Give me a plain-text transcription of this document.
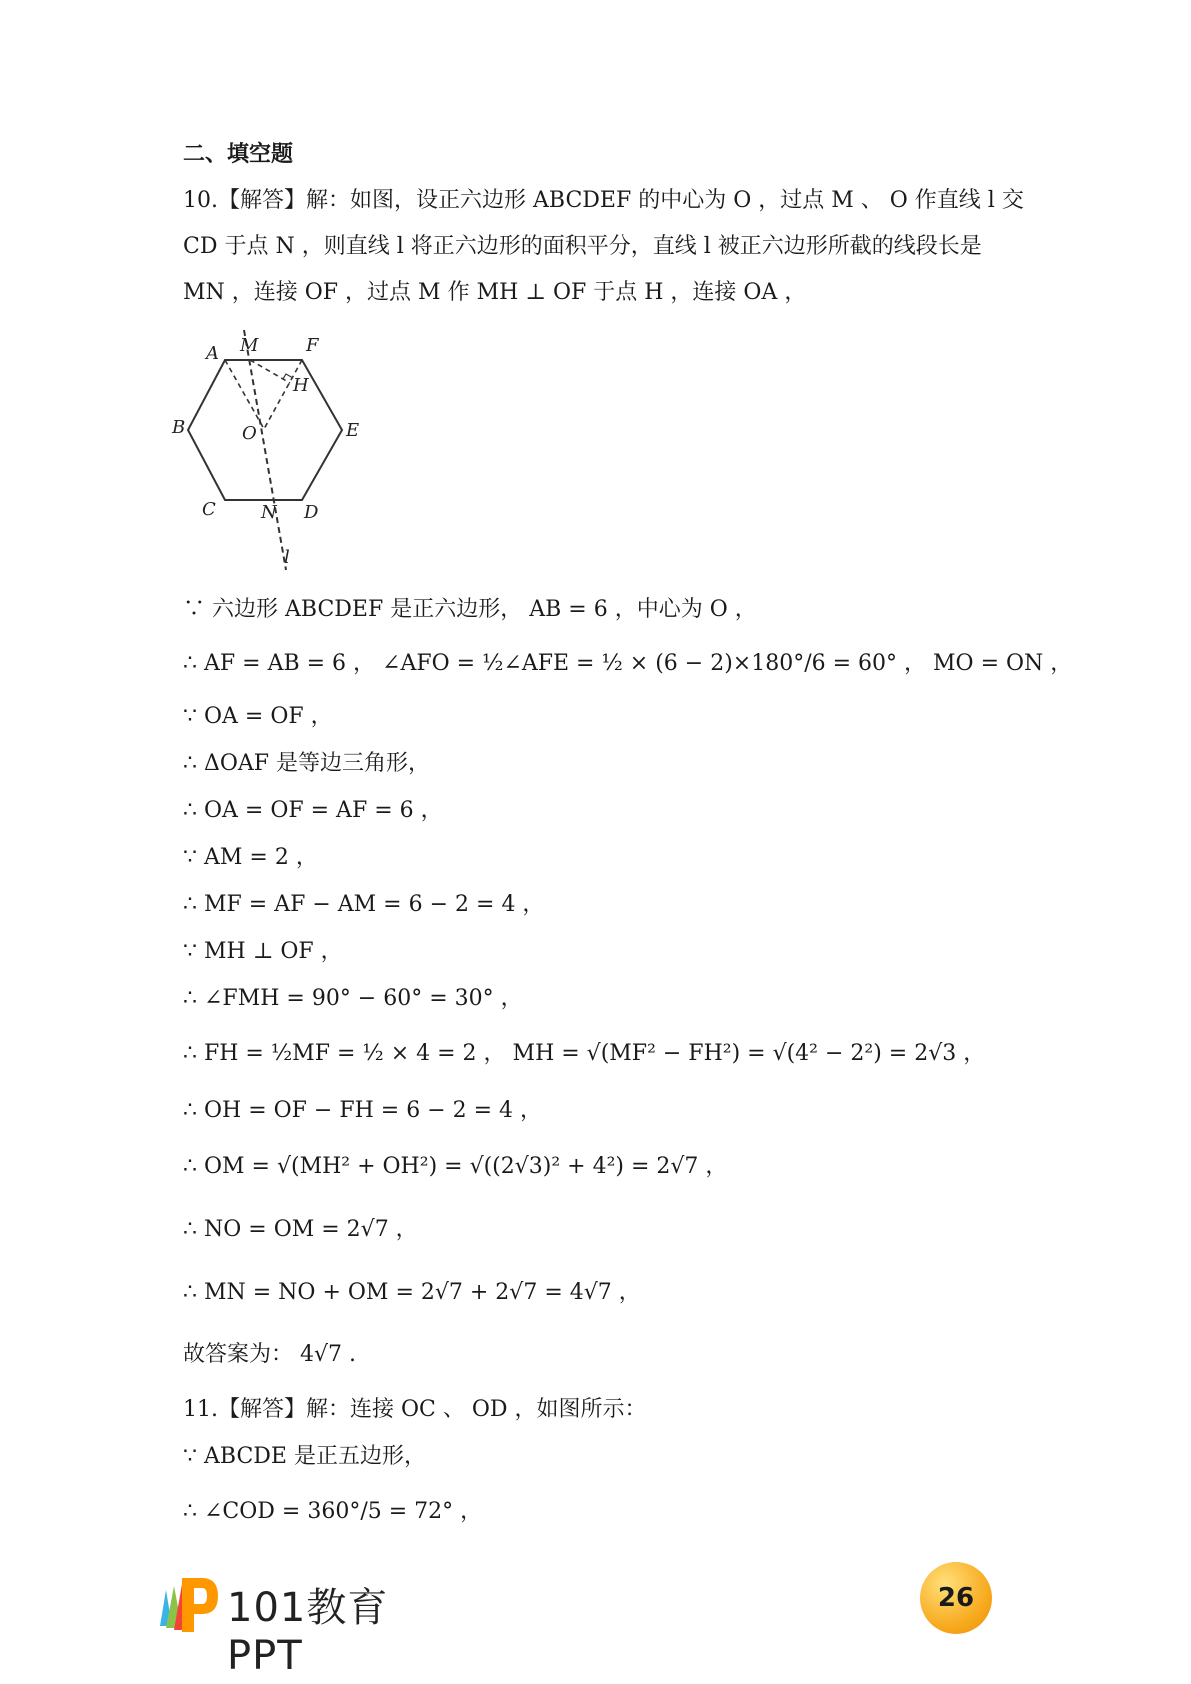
二、填空题
10.【解答】解：如图，设正六边形 ABCDEF 的中心为 O ，过点 M 、 O 作直线 l 交
CD 于点 N ，则直线 l 将正六边形的面积平分，直线 l 被正六边形所截的线段长是
MN ，连接 OF ，过点 M 作 MH ⊥ OF 于点 H ，连接 OA ，
A M	F
H
B	O	E
C	N D
l
∵ 六边形 ABCDEF 是正六边形， AB = 6 ，中心为 O ，
∴ AF = AB = 6 ， ∠AFO = ½∠AFE = ½ × (6 − 2)×180°/6 = 60° ， MO = ON ，
∵ OA = OF ，
∴ ΔOAF 是等边三角形，
∴ OA = OF = AF = 6 ，
∵ AM = 2 ，
∴ MF = AF − AM = 6 − 2 = 4 ，
∵ MH ⊥ OF ，
∴ ∠FMH = 90° − 60° = 30° ，
∴ FH = ½MF = ½ × 4 = 2 ， MH = √(MF² − FH²) = √(4² − 2²) = 2√3 ，
∴ OH = OF − FH = 6 − 2 = 4 ，
∴ OM = √(MH² + OH²) = √((2√3)² + 4²) = 2√7 ，
∴ NO = OM = 2√7 ，
∴ MN = NO + OM = 2√7 + 2√7 = 4√7 ，
故答案为： 4√7 .
11.【解答】解：连接 OC 、 OD ，如图所示：
∵ ABCDE 是正五边形，
∴ ∠COD = 360°/5 = 72° ，
101教育PPT
26
